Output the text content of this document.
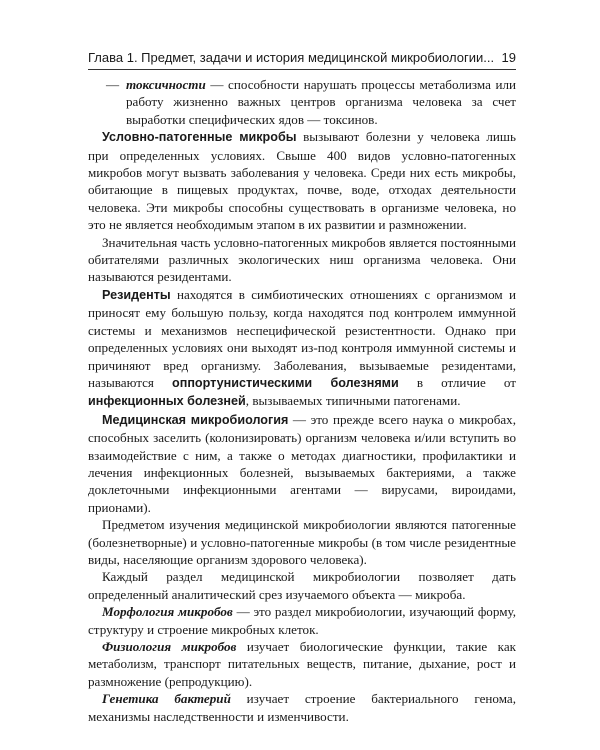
Глава 1. Предмет, задачи и история медицинской микробиологии... 19

— токсичности — способности нарушать процессы метаболизма или работу жизненно важных центров организма человека за счет выработки специфических ядов — токсинов.

Условно-патогенные микробы вызывают болезни у человека лишь при определенных условиях. Свыше 400 видов условно-патогенных микробов могут вызвать заболевания у человека. Среди них есть микробы, обитающие в пищевых продуктах, почве, воде, отходах деятельности человека. Эти микробы способны существовать в организме человека, но это не является необходимым этапом в их развитии и размножении.

Значительная часть условно-патогенных микробов является постоянными обитателями различных экологических ниш организма человека. Они называются резидентами.

Резиденты находятся в симбиотических отношениях с организмом и приносят ему большую пользу, когда находятся под контролем иммунной системы и механизмов неспецифической резистентности. Однако при определенных условиях они выходят из-под контроля иммунной системы и причиняют вред организму. Заболевания, вызываемые резидентами, называются оппортунистическими болезнями в отличие от инфекционных болезней, вызываемых типичными патогенами.

Медицинская микробиология — это прежде всего наука о микробах, способных заселить (колонизировать) организм человека и/или вступить во взаимодействие с ним, а также о методах диагностики, профилактики и лечения инфекционных болезней, вызываемых бактериями, а также доклеточными инфекционными агентами — вирусами, вироидами, прионами).

Предметом изучения медицинской микробиологии являются патогенные (болезнетворные) и условно-патогенные микробы (в том числе резидентные виды, населяющие организм здорового человека).

Каждый раздел медицинской микробиологии позволяет дать определенный аналитический срез изучаемого объекта — микроба.

Морфология микробов — это раздел микробиологии, изучающий форму, структуру и строение микробных клеток.

Физиология микробов изучает биологические функции, такие как метаболизм, транспорт питательных веществ, питание, дыхание, рост и размножение (репродукцию).

Генетика бактерий изучает строение бактериального генома, механизмы наследственности и изменчивости.
